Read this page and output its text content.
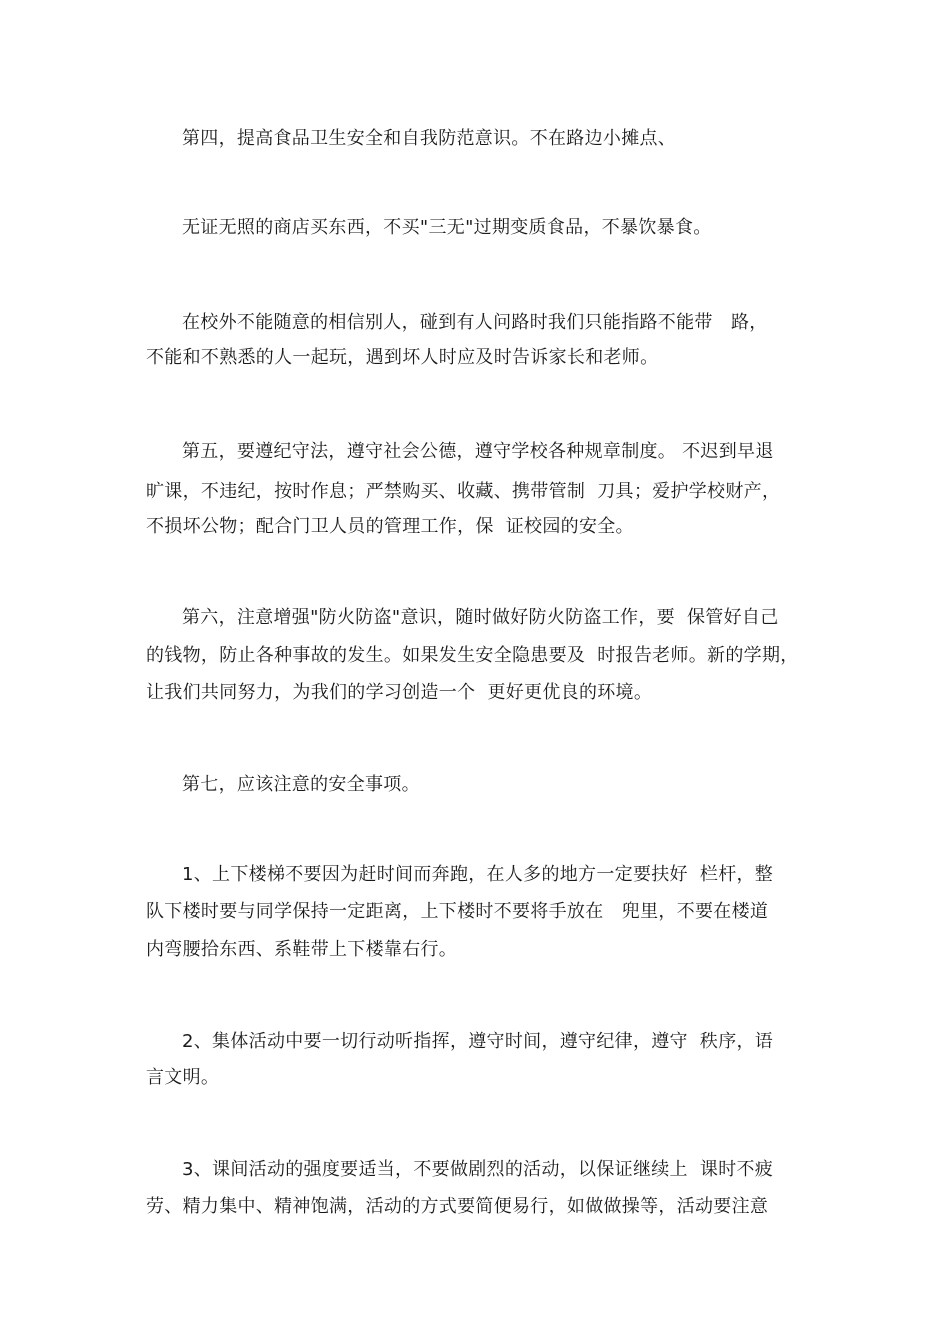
第四，提高食品卫生安全和自我防范意识。不在路边小摊点、
无证无照的商店买东西，不买"三无"过期变质食品，不暴饮暴食。
在校外不能随意的相信别人，碰到有人问路时我们只能指路不能带　路，
不能和不熟悉的人一起玩，遇到坏人时应及时告诉家长和老师。
第五，要遵纪守法，遵守社会公德，遵守学校各种规章制度。 不迟到早退
旷课，不违纪，按时作息；严禁购买、收藏、携带管制  刀具；爱护学校财产，
不损坏公物；配合门卫人员的管理工作，保  证校园的安全。
第六，注意增强"防火防盗"意识，随时做好防火防盗工作，要  保管好自己
的钱物，防止各种事故的发生。如果发生安全隐患要及  时报告老师。新的学期，
让我们共同努力，为我们的学习创造一个  更好更优良的环境。
第七，应该注意的安全事项。
1、上下楼梯不要因为赶时间而奔跑，在人多的地方一定要扶好  栏杆，整
队下楼时要与同学保持一定距离，上下楼时不要将手放在　兜里，不要在楼道
内弯腰拾东西、系鞋带上下楼靠右行。
2、集体活动中要一切行动听指挥，遵守时间，遵守纪律，遵守  秩序，语
言文明。
3、课间活动的强度要适当，不要做剧烈的活动，以保证继续上  课时不疲
劳、精力集中、精神饱满，活动的方式要简便易行，如做做操等，活动要注意
